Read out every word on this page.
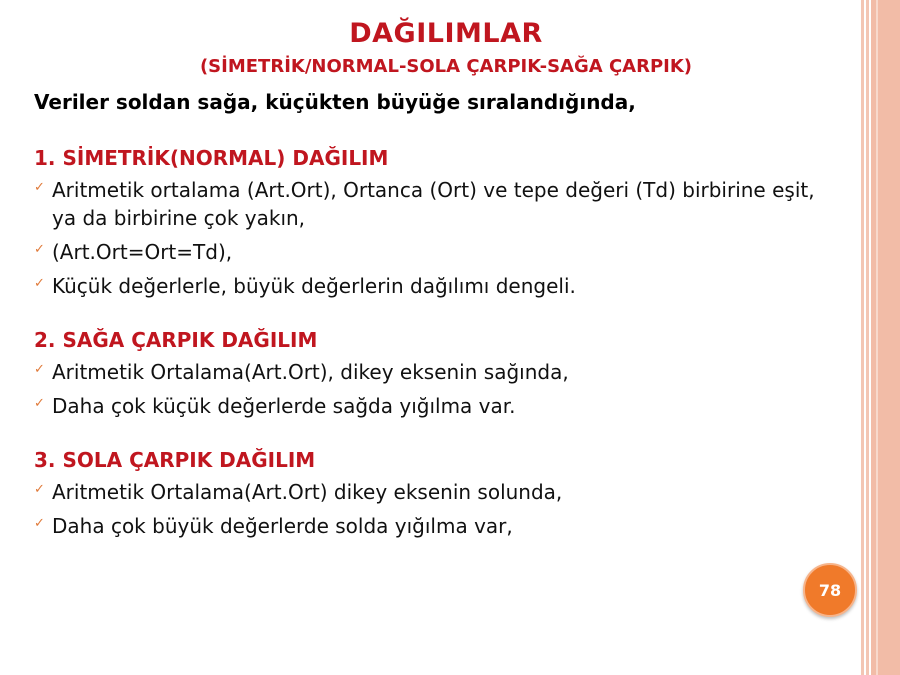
DAĞILIMLAR
(SİMETRİK/NORMAL-SOLA ÇARPIK-SAĞA ÇARPIK)

Veriler soldan sağa, küçükten büyüğe sıralandığında,

1. SİMETRİK(NORMAL) DAĞILIM

✓ Aritmetik ortalama (Art.Ort), Ortanca (Ort) ve tepe değeri (Td) birbirine eşit, ya da birbirine çok yakın,
✓ (Art.Ort=Ort=Td),
✓ Küçük değerlerle, büyük değerlerin dağılımı dengeli.

2. SAĞA ÇARPIK DAĞILIM

✓ Aritmetik Ortalama(Art.Ort), dikey eksenin sağında,
✓ Daha çok küçük değerlerde sağda yığılma var.

3. SOLA ÇARPIK DAĞILIM

✓ Aritmetik Ortalama(Art.Ort) dikey eksenin solunda,
✓ Daha çok büyük değerlerde solda yığılma var,
78
